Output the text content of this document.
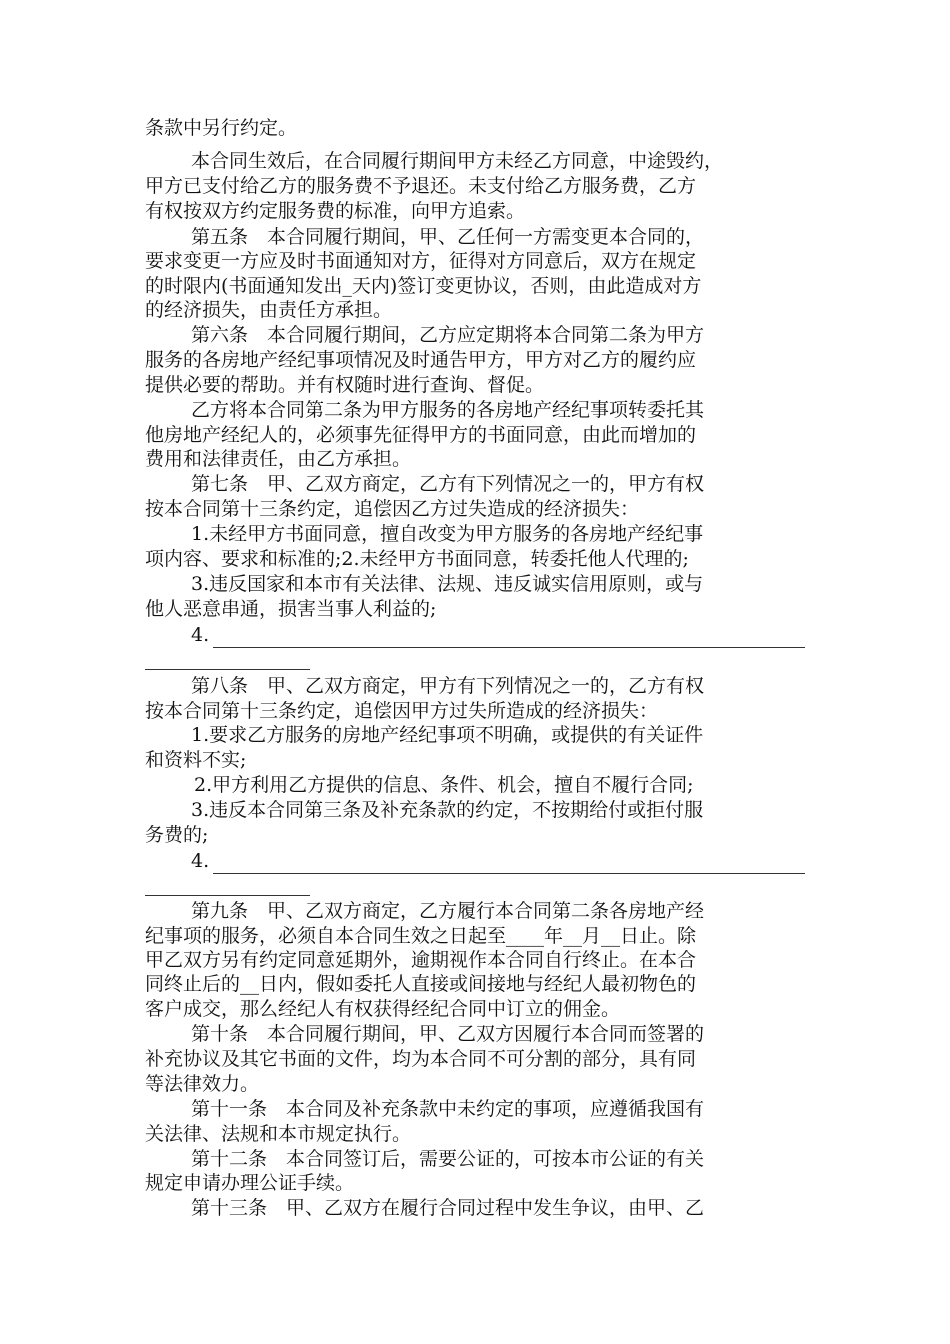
条款中另行约定。
本合同生效后，在合同履行期间甲方未经乙方同意，中途毁约，
甲方已支付给乙方的服务费不予退还。未支付给乙方服务费，乙方
有权按双方约定服务费的标准，向甲方追索。
第五条　本合同履行期间，甲、乙任何一方需变更本合同的，
要求变更一方应及时书面通知对方，征得对方同意后，双方在规定
的时限内(书面通知发出_天内)签订变更协议，否则，由此造成对方
的经济损失，由责任方承担。
第六条　本合同履行期间，乙方应定期将本合同第二条为甲方
服务的各房地产经纪事项情况及时通告甲方，甲方对乙方的履约应
提供必要的帮助。并有权随时进行查询、督促。
乙方将本合同第二条为甲方服务的各房地产经纪事项转委托其
他房地产经纪人的，必须事先征得甲方的书面同意，由此而增加的
费用和法律责任，由乙方承担。
第七条　甲、乙双方商定，乙方有下列情况之一的，甲方有权
按本合同第十三条约定，追偿因乙方过失造成的经济损失：
1.未经甲方书面同意，擅自改变为甲方服务的各房地产经纪事
项内容、要求和标准的;2.未经甲方书面同意，转委托他人代理的;
3.违反国家和本市有关法律、法规、违反诚实信用原则，或与
他人恶意串通，损害当事人利益的;
4.
第八条　甲、乙双方商定，甲方有下列情况之一的，乙方有权
按本合同第十三条约定，追偿因甲方过失所造成的经济损失：
1.要求乙方服务的房地产经纪事项不明确，或提供的有关证件
和资料不实;
2.甲方利用乙方提供的信息、条件、机会，擅自不履行合同;
3.违反本合同第三条及补充条款的约定，不按期给付或拒付服
务费的;
4.
第九条　甲、乙双方商定，乙方履行本合同第二条各房地产经
纪事项的服务，必须自本合同生效之日起至____年__月__日止。除
甲乙双方另有约定同意延期外，逾期视作本合同自行终止。在本合
同终止后的__日内，假如委托人直接或间接地与经纪人最初物色的
客户成交，那么经纪人有权获得经纪合同中订立的佣金。
第十条　本合同履行期间，甲、乙双方因履行本合同而签署的
补充协议及其它书面的文件，均为本合同不可分割的部分，具有同
等法律效力。
第十一条　本合同及补充条款中未约定的事项，应遵循我国有
关法律、法规和本市规定执行。
第十二条　本合同签订后，需要公证的，可按本市公证的有关
规定申请办理公证手续。
第十三条　甲、乙双方在履行合同过程中发生争议，由甲、乙
